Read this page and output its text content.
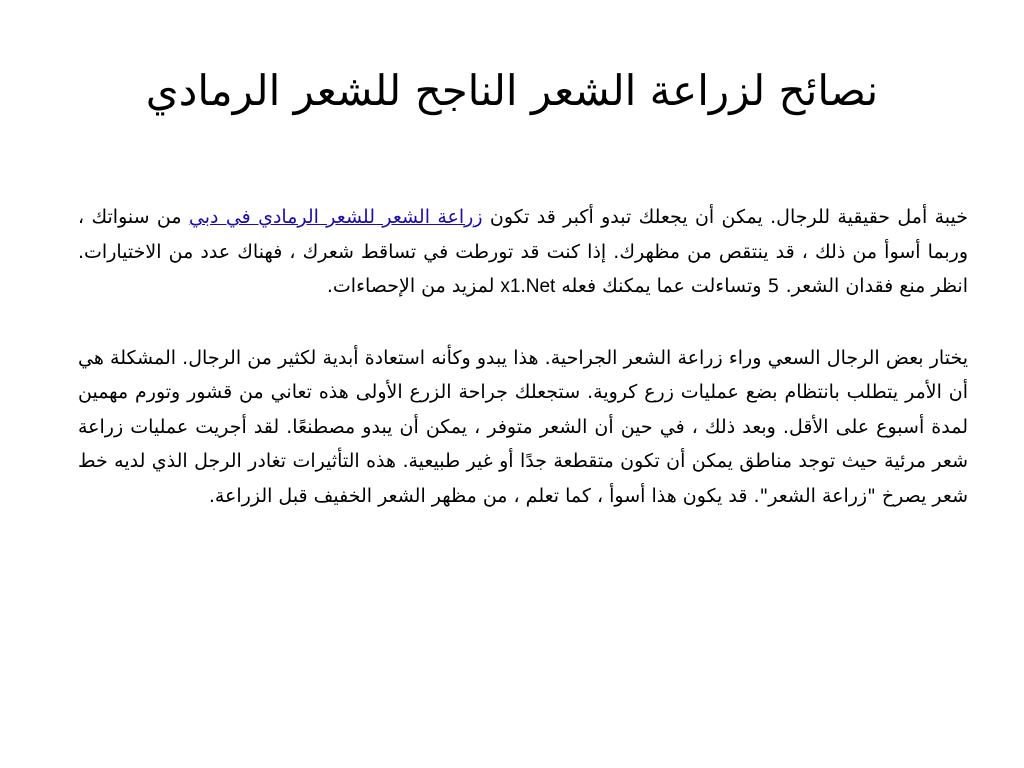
نصائح لزراعة الشعر الناجح للشعر الرمادي

خيبة أمل حقيقية للرجال. يمكن أن يجعلك تبدو أكبر قد تكون زراعة الشعر للشعر الرمادي في دبي من سنواتك ، وربما أسوأ من ذلك ، قد ينتقص من مظهرك. إذا كنت قد تورطت في تساقط شعرك ، فهناك عدد من الاختيارات. انظر منع فقدان الشعر. 5 وتساءلت عما يمكنك فعله x1.Net لمزيد من الإحصاءات.

يختار بعض الرجال السعي وراء زراعة الشعر الجراحية. هذا يبدو وكأنه استعادة أبدية لكثير من الرجال. المشكلة هي أن الأمر يتطلب بانتظام بضع عمليات زرع كروية. ستجعلك جراحة الزرع الأولى هذه تعاني من قشور وتورم مهمين لمدة أسبوع على الأقل. وبعد ذلك ، في حين أن الشعر متوفر ، يمكن أن يبدو مصطنعًا. لقد أجريت عمليات زراعة شعر مرئية حيث توجد مناطق يمكن أن تكون متقطعة جدًا أو غير طبيعية. هذه التأثيرات تغادر الرجل الذي لديه خط شعر يصرخ "زراعة الشعر". قد يكون هذا أسوأ ، كما تعلم ، من مظهر الشعر الخفيف قبل الزراعة.
